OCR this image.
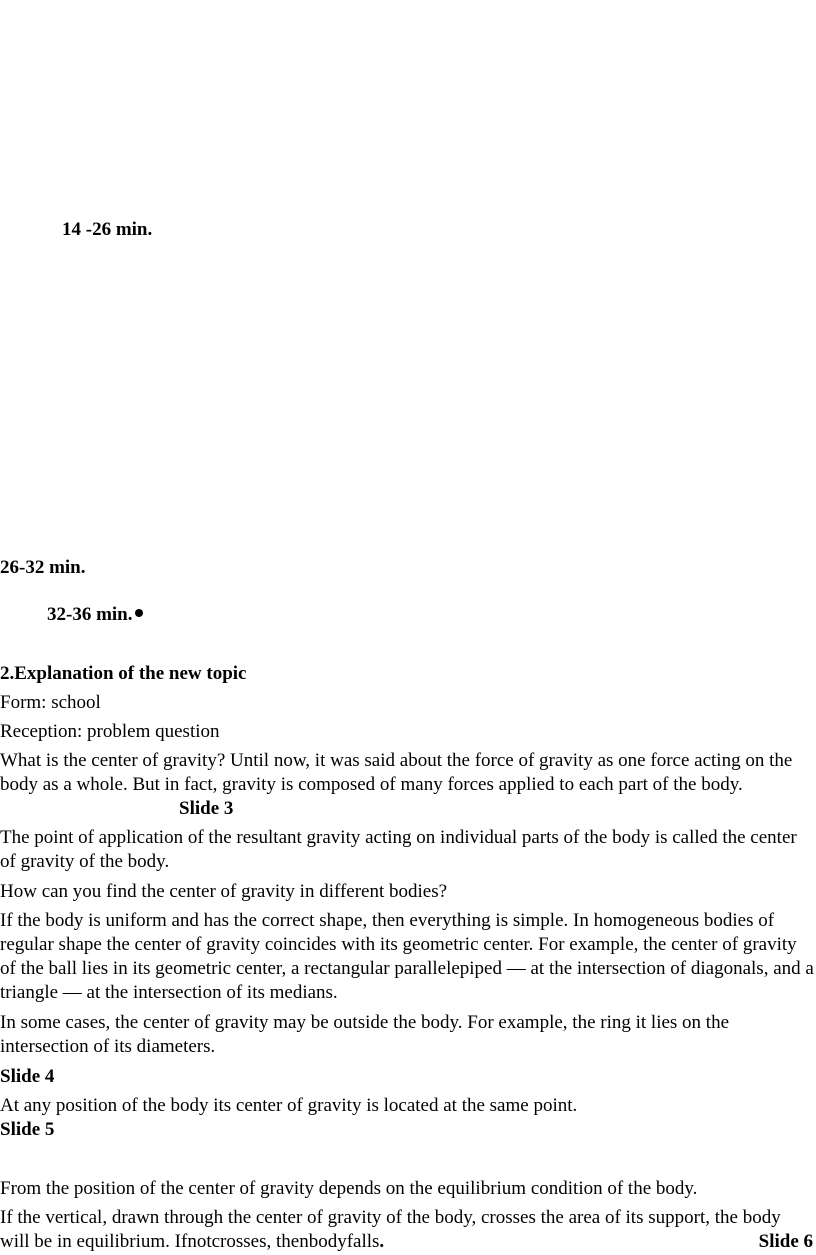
14 -26 min.
26-32 min.
32-36 min.
2.Explanation of the new topic
Form: school
Reception: problem question
What is the center of gravity? Until now, it was said about the force of gravity as one force acting on the body as a whole. But in fact, gravity is composed of many forces applied to each part of the body.Slide 3
The point of application of the resultant gravity acting on individual parts of the body is called the center of gravity of the body.
How can you find the center of gravity in different bodies?
If the body is uniform and has the correct shape, then everything is simple. In homogeneous bodies of regular shape the center of gravity coincides with its geometric center. For example, the center of gravity of the ball lies in its geometric center, a rectangular parallelepiped — at the intersection of diagonals, and a triangle — at the intersection of its medians.
In some cases, the center of gravity may be outside the body. For example, the ring it lies on the intersection of its diameters.
Slide 4
At any position of the body its center of gravity is located at the same point.
Slide 5
From the position of the center of gravity depends on the equilibrium condition of the body.
If the vertical, drawn through the center of gravity of the body, crosses the area of its support, the body will be in equilibrium. Ifnotcrosses, thenbodyfalls.	Slide 6
